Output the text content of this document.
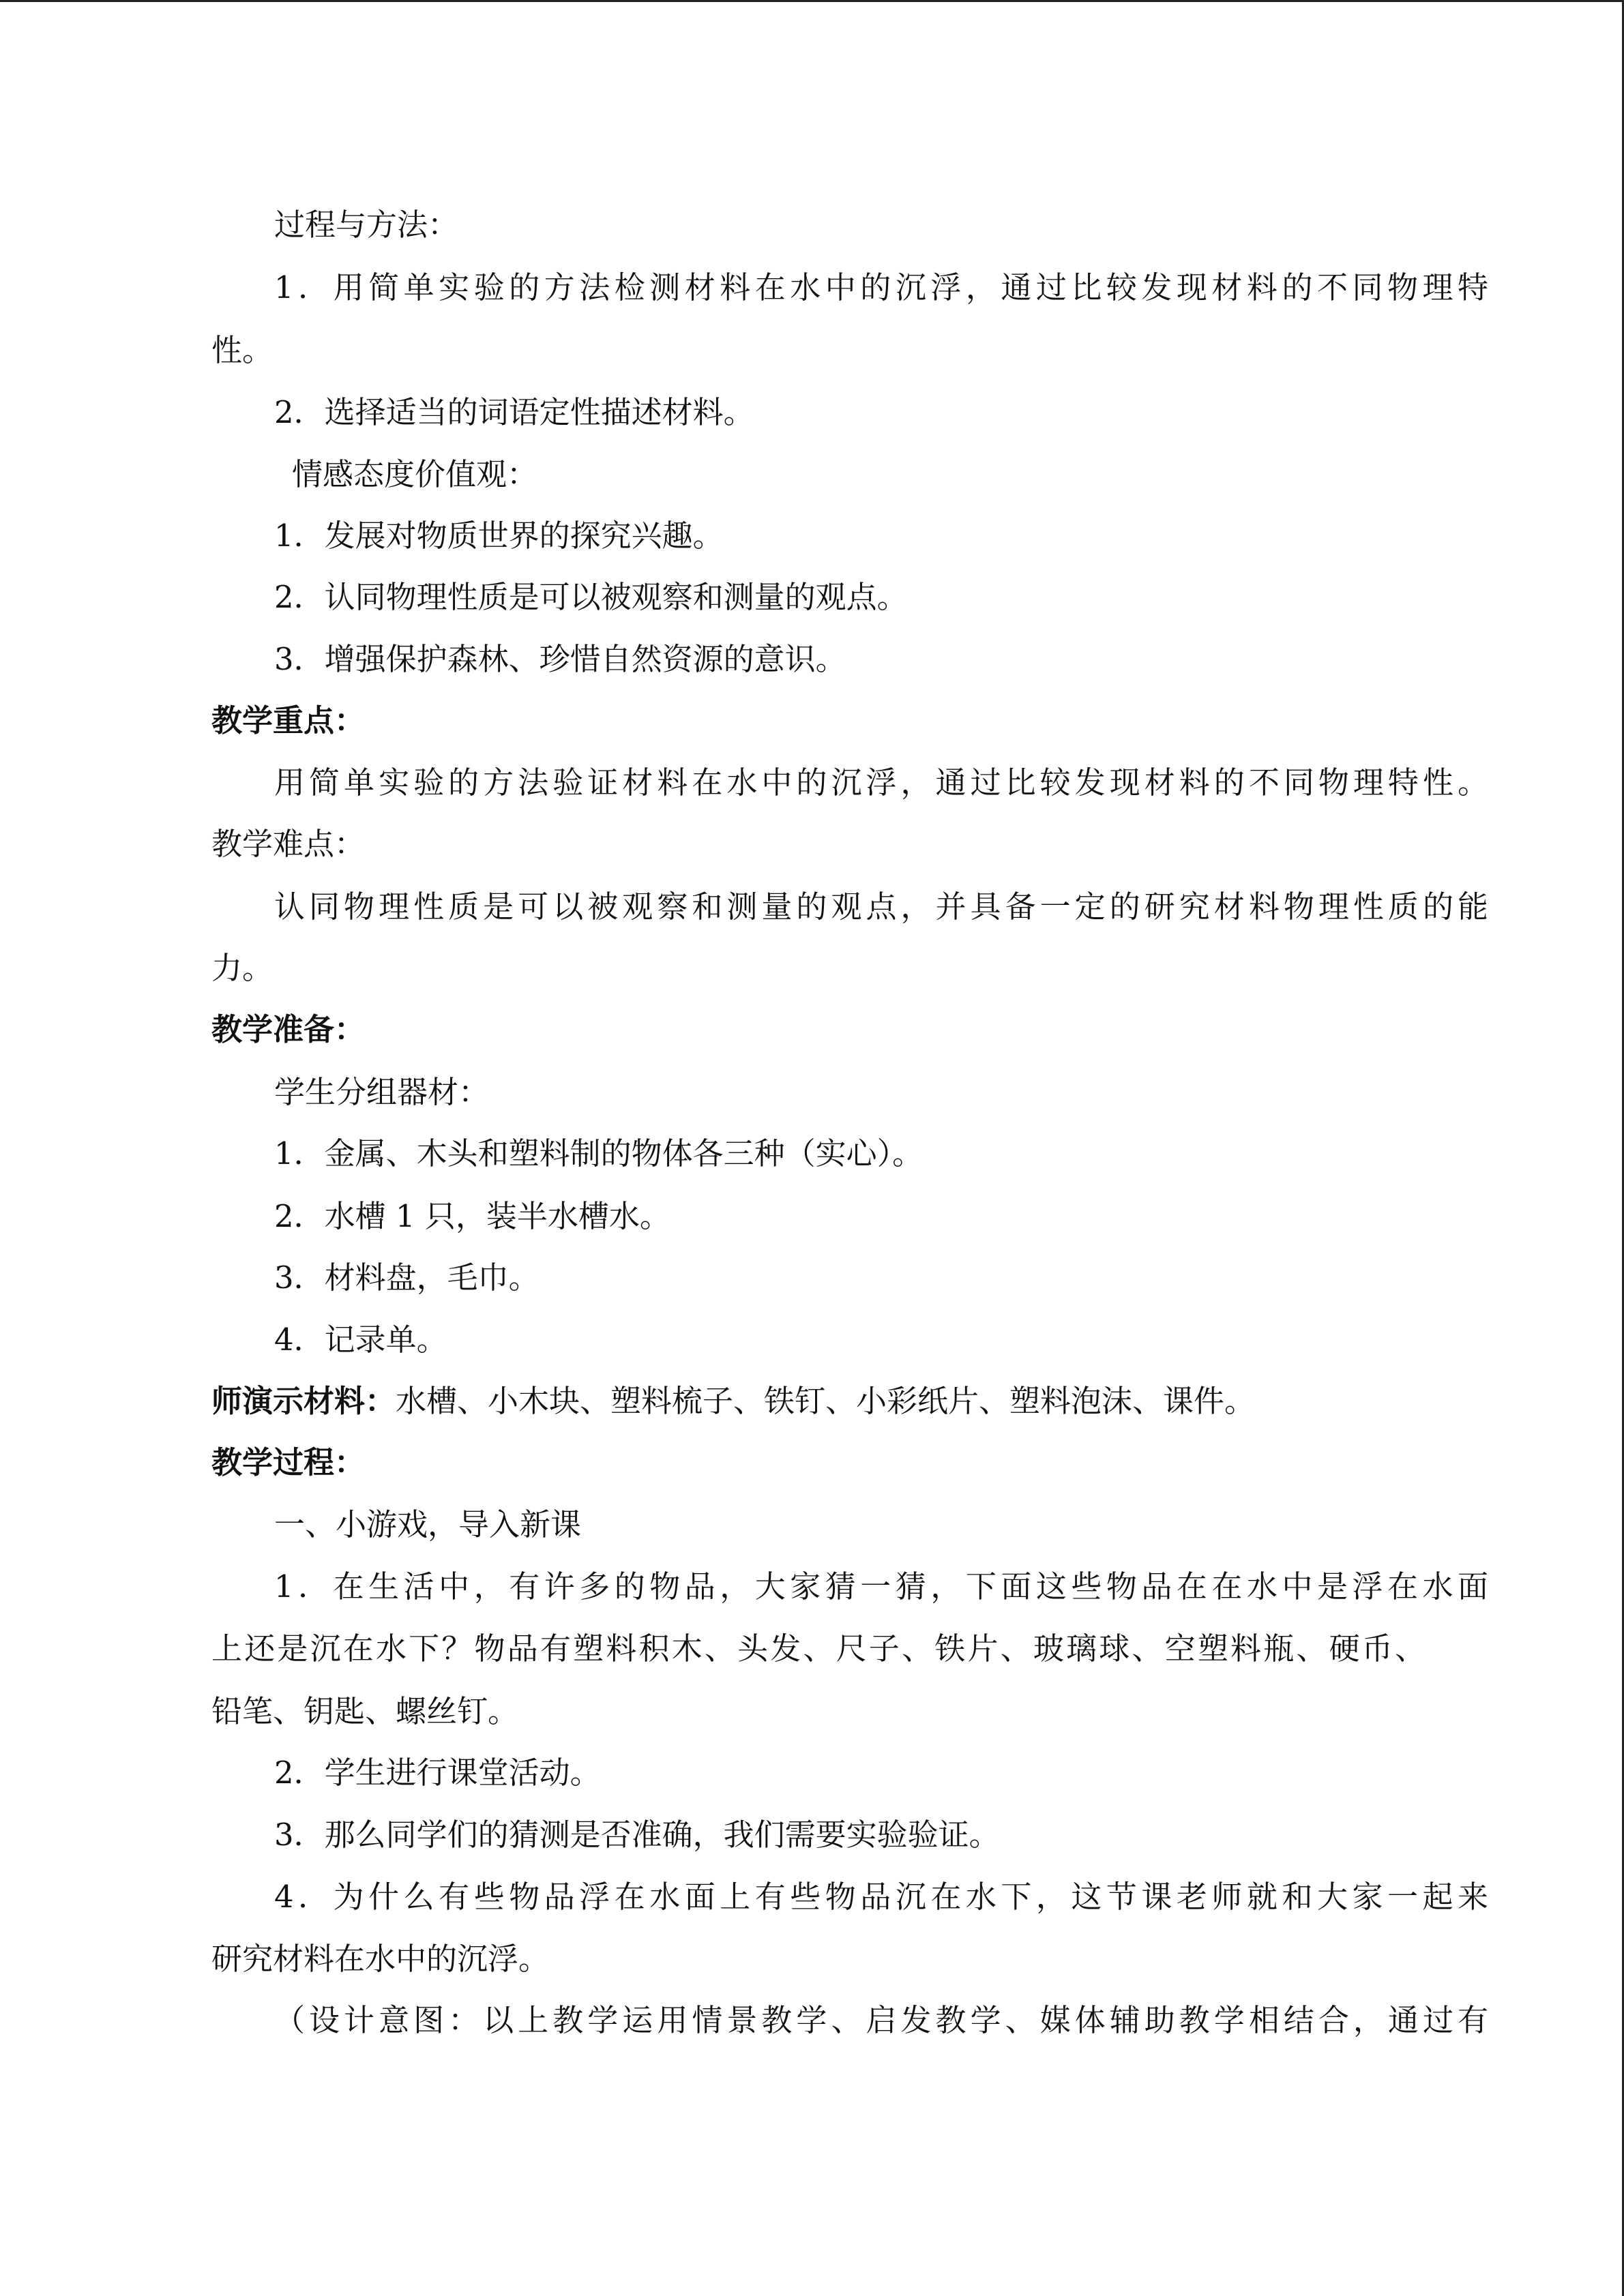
过程与方法：
1．用简单实验的方法检测材料在水中的沉浮，通过比较发现材料的不同物理特
性。
2．选择适当的词语定性描述材料。
情感态度价值观：
1．发展对物质世界的探究兴趣。
2．认同物理性质是可以被观察和测量的观点。
3．增强保护森林、珍惜自然资源的意识。
教学重点：
用简单实验的方法验证材料在水中的沉浮，通过比较发现材料的不同物理特性。
教学难点：
认同物理性质是可以被观察和测量的观点，并具备一定的研究材料物理性质的能
力。
教学准备：
学生分组器材：
1．金属、木头和塑料制的物体各三种（实心）。
2．水槽 1 只，装半水槽水。
3．材料盘，毛巾。
4．记录单。
师演示材料：水槽、小木块、塑料梳子、铁钉、小彩纸片、塑料泡沫、课件。
教学过程：
一、小游戏，导入新课
1．在生活中，有许多的物品，大家猜一猜，下面这些物品在在水中是浮在水面
上还是沉在水下？物品有塑料积木、头发、尺子、铁片、玻璃球、空塑料瓶、硬币、
铅笔、钥匙、螺丝钉。
2．学生进行课堂活动。
3．那么同学们的猜测是否准确，我们需要实验验证。
4．为什么有些物品浮在水面上有些物品沉在水下，这节课老师就和大家一起来
研究材料在水中的沉浮。
（设计意图：以上教学运用情景教学、启发教学、媒体辅助教学相结合，通过有
